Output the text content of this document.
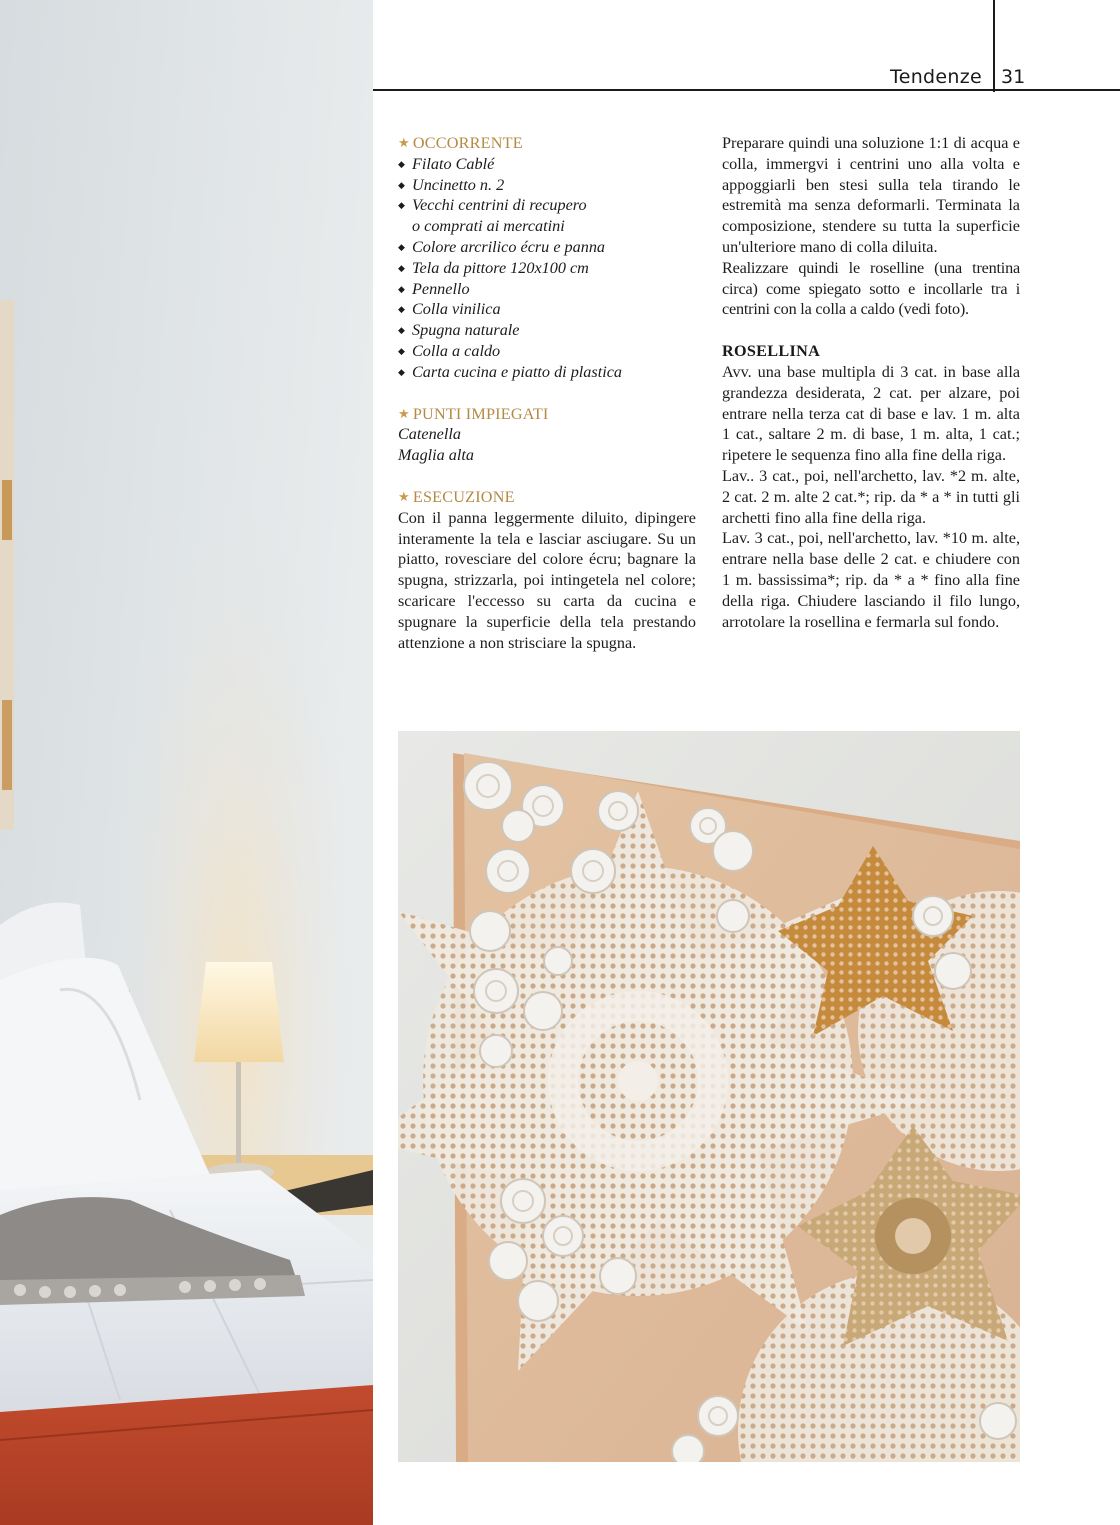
Tendenze 31

★ OCCORRENTE

◆ Filato Cablé
◆ Uncinetto n. 2
◆ Vecchi centrini di recupero
o comprati ai mercatini
◆ Colore arcrilico écru e panna
◆ Tela da pittore 120x100 cm
◆ Pennello
◆ Colla vinilica
◆ Spugna naturale
◆ Colla a caldo
◆ Carta cucina e piatto di plastica

★ PUNTI IMPIEGATI

Catenella

Maglia alta

★ ESECUZIONE

Con il panna leggermente diluito, dipingere interamente la tela e lasciar asciugare. Su un piatto, rovesciare del colore écru; bagnare la spugna, strizzarla, poi intingetela nel colore; scaricare l'eccesso su carta da cucina e spugnare la superficie della tela prestando attenzione a non strisciare la spugna.

Preparare quindi una soluzione 1:1 di acqua e colla, immergvi i centrini uno alla volta e appoggiarli ben stesi sulla tela tirando le estremità ma senza deformarli. Terminata la composizione, stendere su tutta la superficie un'ulteriore mano di colla diluita.

Realizzare quindi le roselline (una trentina circa) come spiegato sotto e incollarle tra i centrini con la colla a caldo (vedi foto).

ROSELLINA

Avv. una base multipla di 3 cat. in base alla grandezza desiderata, 2 cat. per alzare, poi entrare nella terza cat di base e lav. 1 m. alta 1 cat., saltare 2 m. di base, 1 m. alta, 1 cat.; ripetere le sequenza fino alla fine della riga.

Lav.. 3 cat., poi, nell'archetto, lav. *2 m. alte, 2 cat. 2 m. alte 2 cat.*; rip. da * a * in tutti gli archetti fino alla fine della riga.

Lav. 3 cat., poi, nell'archetto, lav. *10 m. alte, entrare nella base delle 2 cat. e chiudere con 1 m. bassissima*; rip. da * a * fino alla fine della riga. Chiudere lasciando il filo lungo, arrotolare la rosellina e fermarla sul fondo.
